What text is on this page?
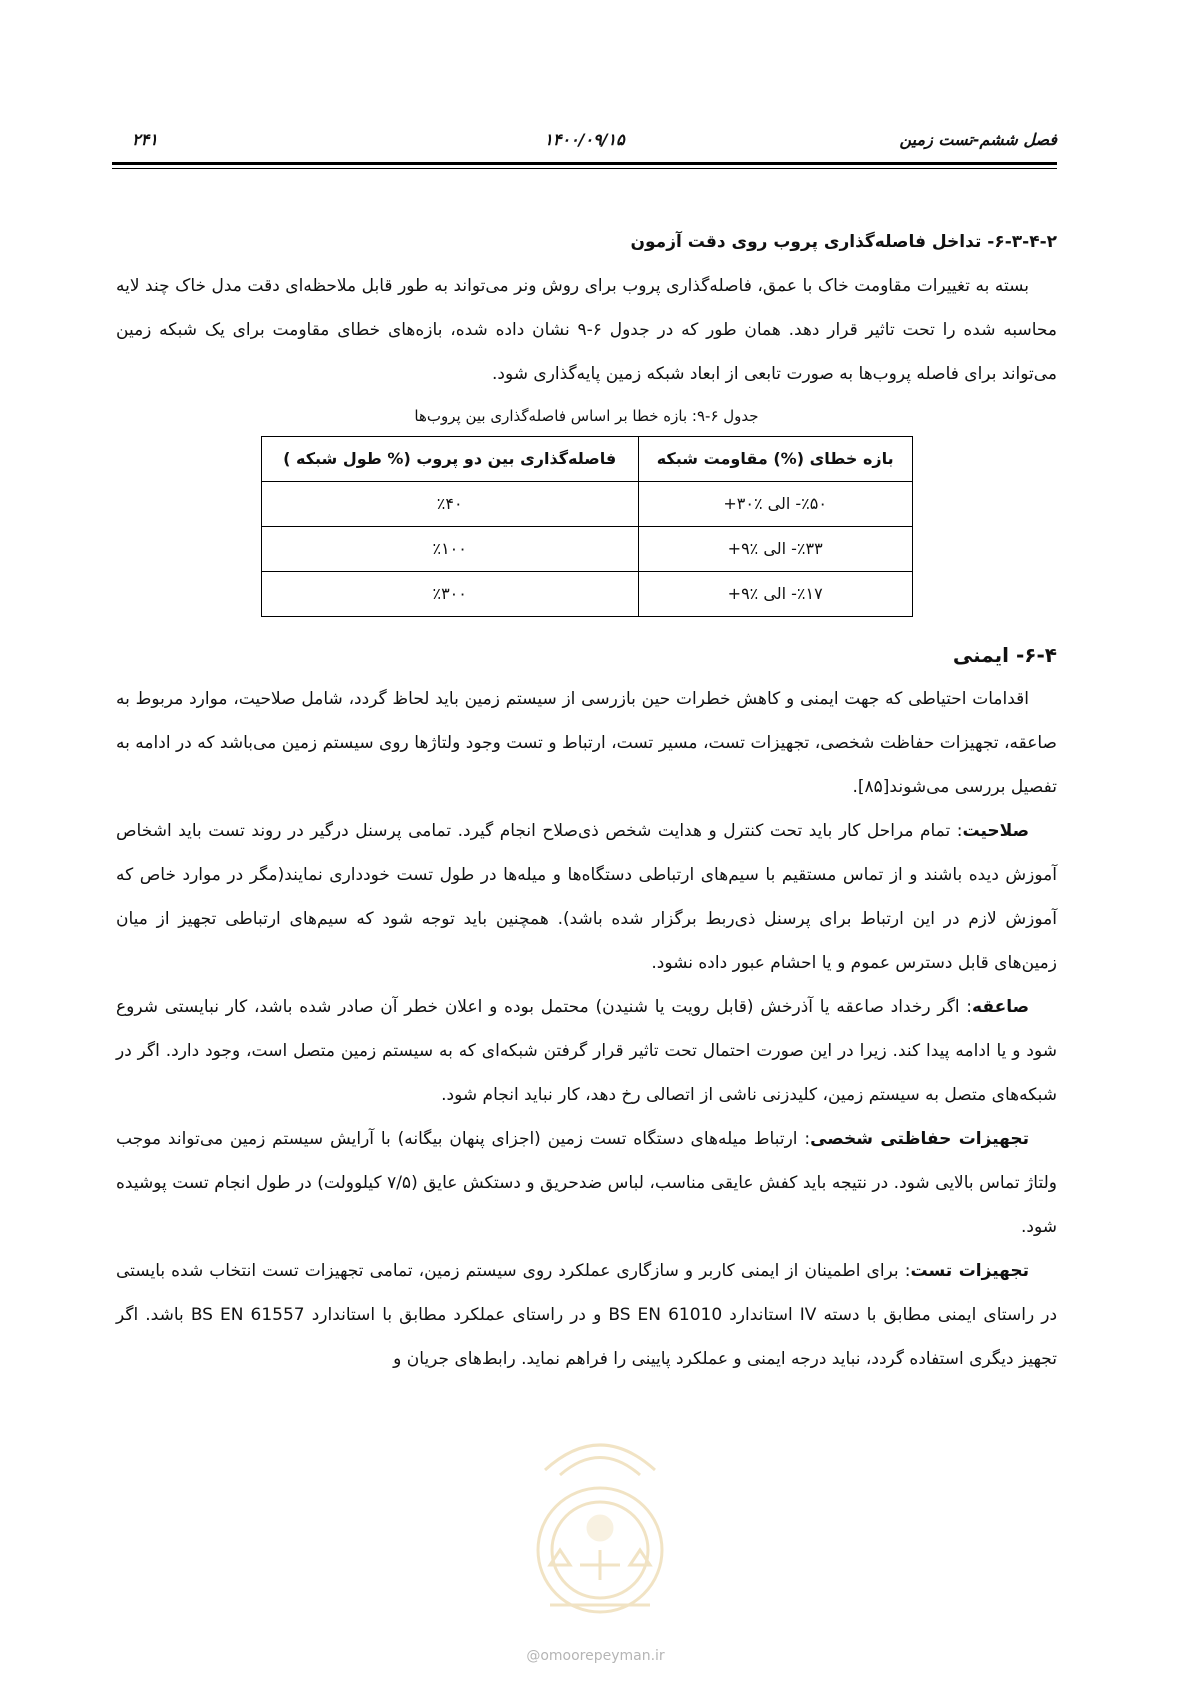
۲۴۱	۱۴۰۰/۰۹/۱۵	فصل ششم-تست زمین

۶-۳-۴-۲- تداخل فاصله‌گذاری پروب روی دقت آزمون

بسته به تغییرات مقاومت خاک با عمق، فاصله‌گذاری پروب برای روش ونر می‌تواند به طور قابل ملاحظه‌ای دقت مدل خاک چند لایه محاسبه شده را تحت تاثیر قرار دهد. همان طور که در جدول ۶-۹ نشان داده شده، بازه‌های خطای مقاومت برای یک شبکه زمین می‌تواند برای فاصله پروب‌ها به صورت تابعی از ابعاد شبکه زمین پایه‌گذاری شود.

جدول ۶-۹: بازه خطا بر اساس فاصله‌گذاری بین پروب‌ها

بازه خطای (%) مقاومت شبکه	فاصله‌گذاری بین دو پروب (% طول شبکه )
٪۵۰- الی ٪۳۰+	٪۴۰
٪۳۳- الی ٪۹+	٪۱۰۰
٪۱۷- الی ٪۹+	٪۳۰۰

۶-۴- ایمنی

اقدامات احتیاطی که جهت ایمنی و کاهش خطرات حین بازرسی از سیستم زمین باید لحاظ گردد، شامل صلاحیت، موارد مربوط به صاعقه، تجهیزات حفاظت شخصی، تجهیزات تست، مسیر تست، ارتباط و تست وجود ولتاژها روی سیستم زمین می‌باشد که در ادامه به تفصیل بررسی می‌شوند[۸۵].

صلاحیت: تمام مراحل کار باید تحت کنترل و هدایت شخص ذی‌صلاح انجام گیرد. تمامی پرسنل درگیر در روند تست باید اشخاص آموزش دیده باشند و از تماس مستقیم با سیم‌های ارتباطی دستگاه‌ها و میله‌ها در طول تست خودداری نمایند(مگر در موارد خاص که آموزش لازم در این ارتباط برای پرسنل ذی‌ربط برگزار شده باشد). همچنین باید توجه شود که سیم‌های ارتباطی تجهیز از میان زمین‌های قابل دسترس عموم و یا احشام عبور داده نشود.

صاعقه: اگر رخداد صاعقه یا آذرخش (قابل رویت یا شنیدن) محتمل بوده و اعلان خطر آن صادر شده باشد، کار نبایستی شروع شود و یا ادامه پیدا کند. زیرا در این صورت احتمال تحت تاثیر قرار گرفتن شبکه‌ای که به سیستم زمین متصل است، وجود دارد. اگر در شبکه‌های متصل به سیستم زمین، کلیدزنی ناشی از اتصالی رخ دهد، کار نباید انجام شود.

تجهیزات حفاظتی شخصی: ارتباط میله‌های دستگاه تست زمین (اجزای پنهان بیگانه) با آرایش سیستم زمین می‌تواند موجب ولتاژ تماس بالایی شود. در نتیجه باید کفش عایقی مناسب، لباس ضدحریق و دستکش عایق (۷/۵ کیلوولت) در طول انجام تست پوشیده شود.

تجهیزات تست: برای اطمینان از ایمنی کاربر و سازگاری عملکرد روی سیستم زمین، تمامی تجهیزات تست انتخاب شده بایستی در راستای ایمنی مطابق با دسته IV استاندارد BS EN 61010 و در راستای عملکرد مطابق با استاندارد BS EN 61557 باشد. اگر تجهیز دیگری استفاده گردد، نباید درجه ایمنی و عملکرد پایینی را فراهم نماید. رابط‌های جریان و

@omoorepeyman.ir
